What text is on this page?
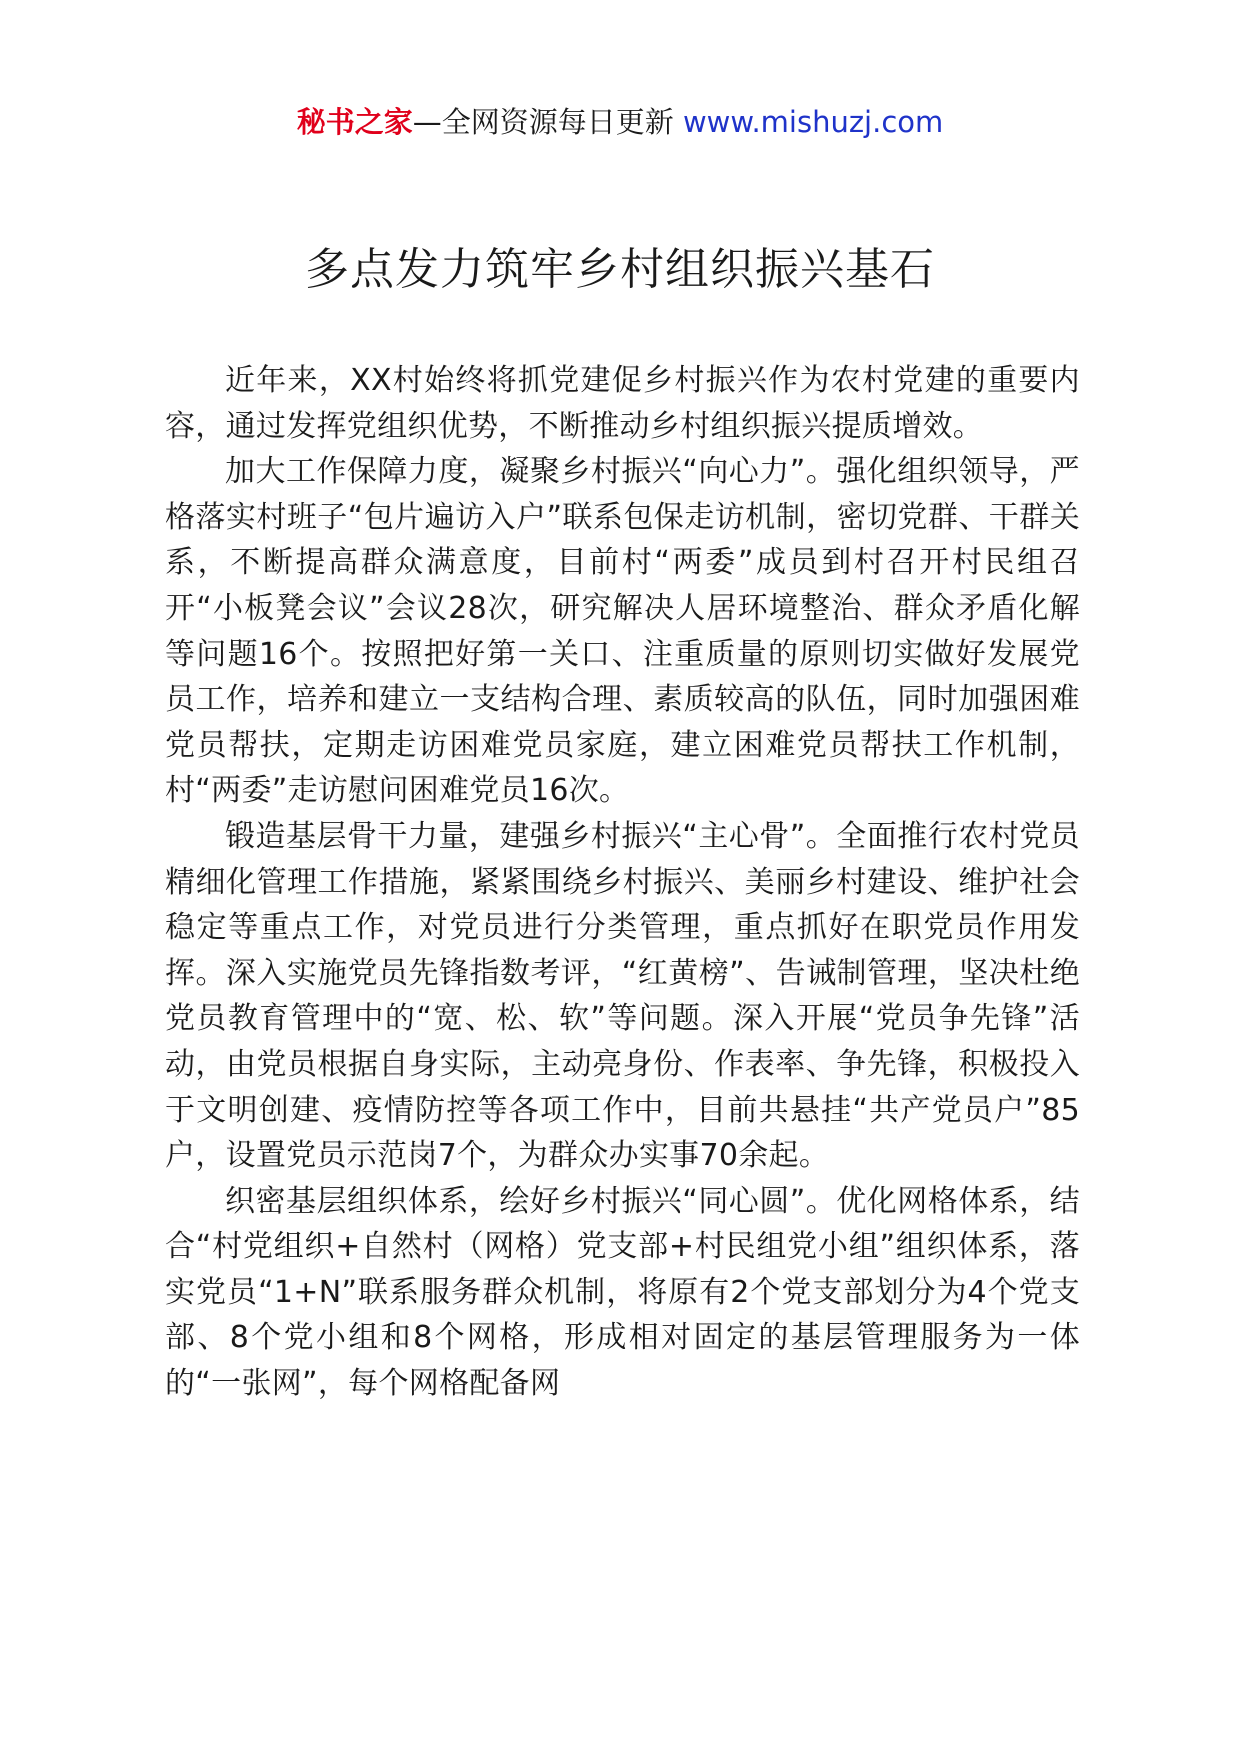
秘书之家—全网资源每日更新 www.mishuzj.com
多点发力筑牢乡村组织振兴基石

近年来，XX村始终将抓党建促乡村振兴作为农村党建的重要内容，通过发挥党组织优势，不断推动乡村组织振兴提质增效。

加大工作保障力度，凝聚乡村振兴“向心力”。强化组织领导，严格落实村班子“包片遍访入户”联系包保走访机制，密切党群、干群关系，不断提高群众满意度，目前村“两委”成员到村召开村民组召开“小板凳会议”会议28次，研究解决人居环境整治、群众矛盾化解等问题16个。按照把好第一关口、注重质量的原则切实做好发展党员工作，培养和建立一支结构合理、素质较高的队伍，同时加强困难党员帮扶，定期走访困难党员家庭，建立困难党员帮扶工作机制，村“两委”走访慰问困难党员16次。

锻造基层骨干力量，建强乡村振兴“主心骨”。全面推行农村党员精细化管理工作措施，紧紧围绕乡村振兴、美丽乡村建设、维护社会稳定等重点工作，对党员进行分类管理，重点抓好在职党员作用发挥。深入实施党员先锋指数考评，“红黄榜”、告诫制管理，坚决杜绝党员教育管理中的“宽、松、软”等问题。深入开展“党员争先锋”活动，由党员根据自身实际，主动亮身份、作表率、争先锋，积极投入于文明创建、疫情防控等各项工作中，目前共悬挂“共产党员户”85户，设置党员示范岗7个，为群众办实事70余起。

织密基层组织体系，绘好乡村振兴“同心圆”。优化网格体系，结合“村党组织+自然村（网格）党支部+村民组党小组”组织体系，落实党员“1+N”联系服务群众机制，将原有2个党支部划分为4个党支部、8个党小组和8个网格，形成相对固定的基层管理服务为一体的“一张网”，每个网格配备网
